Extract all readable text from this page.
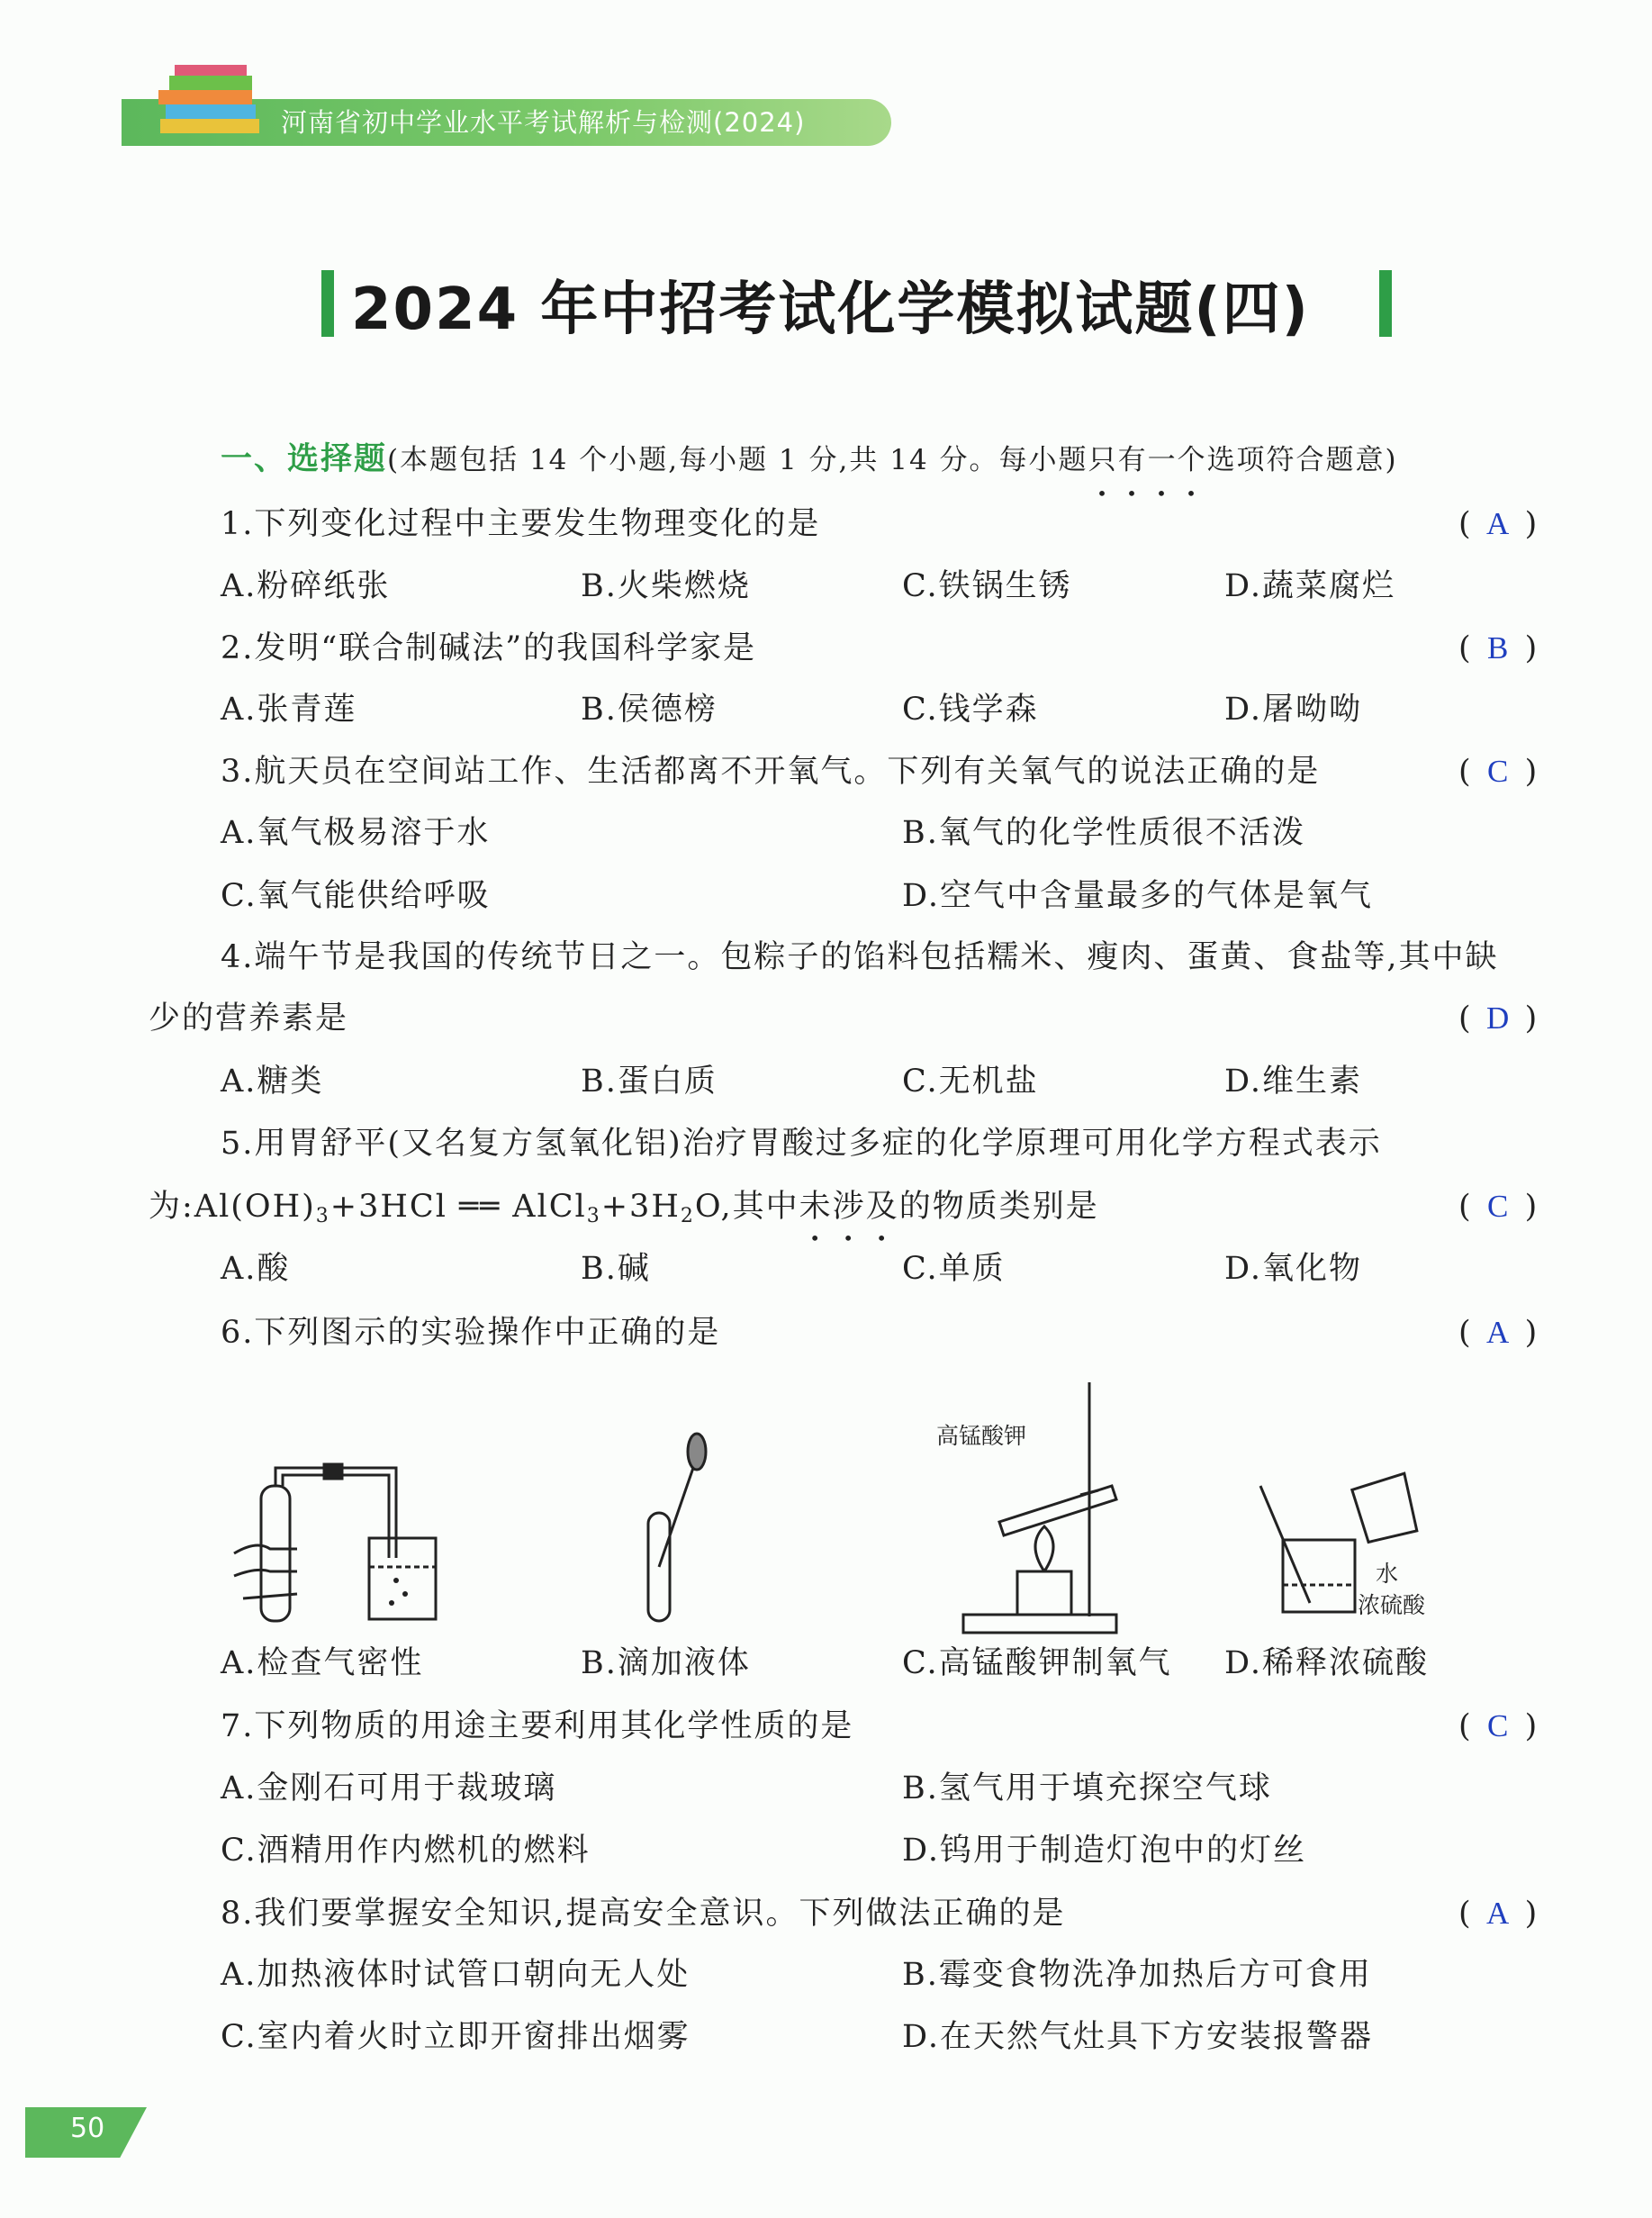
河南省初中学业水平考试解析与检测(2024)
2024 年中招考试化学模拟试题(四)
一、选择题(本题包括 14 个小题,每小题 1 分,共 14 分。每小题只有一个选项符合题意)
1.下列变化过程中主要发生物理变化的是	( A )
A.粉碎纸张	B.火柴燃烧	C.铁锅生锈	D.蔬菜腐烂
2.发明“联合制碱法”的我国科学家是	( B )
A.张青莲	B.侯德榜	C.钱学森	D.屠呦呦
3.航天员在空间站工作、生活都离不开氧气。下列有关氧气的说法正确的是	( C )
A.氧气极易溶于水	B.氧气的化学性质很不活泼
C.氧气能供给呼吸	D.空气中含量最多的气体是氧气
4.端午节是我国的传统节日之一。包粽子的馅料包括糯米、瘦肉、蛋黄、食盐等,其中缺
少的营养素是	( D )
A.糖类	B.蛋白质	C.无机盐	D.维生素
5.用胃舒平(又名复方氢氧化铝)治疗胃酸过多症的化学原理可用化学方程式表示
为$:Al(OH)_3+3HCl$ ══ $AlCl_3+3H_2O$,其中未涉及的物质类别是	( C )
A.酸	B.碱	C.单质	D.氧化物
6.下列图示的实验操作中正确的是	( A )
高锰酸钾
水
浓硫酸
A.检查气密性	B.滴加液体	C.高锰酸钾制氧气 D.稀释浓硫酸
7.下列物质的用途主要利用其化学性质的是	( C )
A.金刚石可用于裁玻璃	B.氢气用于填充探空气球
C.酒精用作内燃机的燃料	D.钨用于制造灯泡中的灯丝
8.我们要掌握安全知识,提高安全意识。下列做法正确的是	( A )
A.加热液体时试管口朝向无人处	B.霉变食物洗净加热后方可食用
C.室内着火时立即开窗排出烟雾	D.在天然气灶具下方安装报警器
50
